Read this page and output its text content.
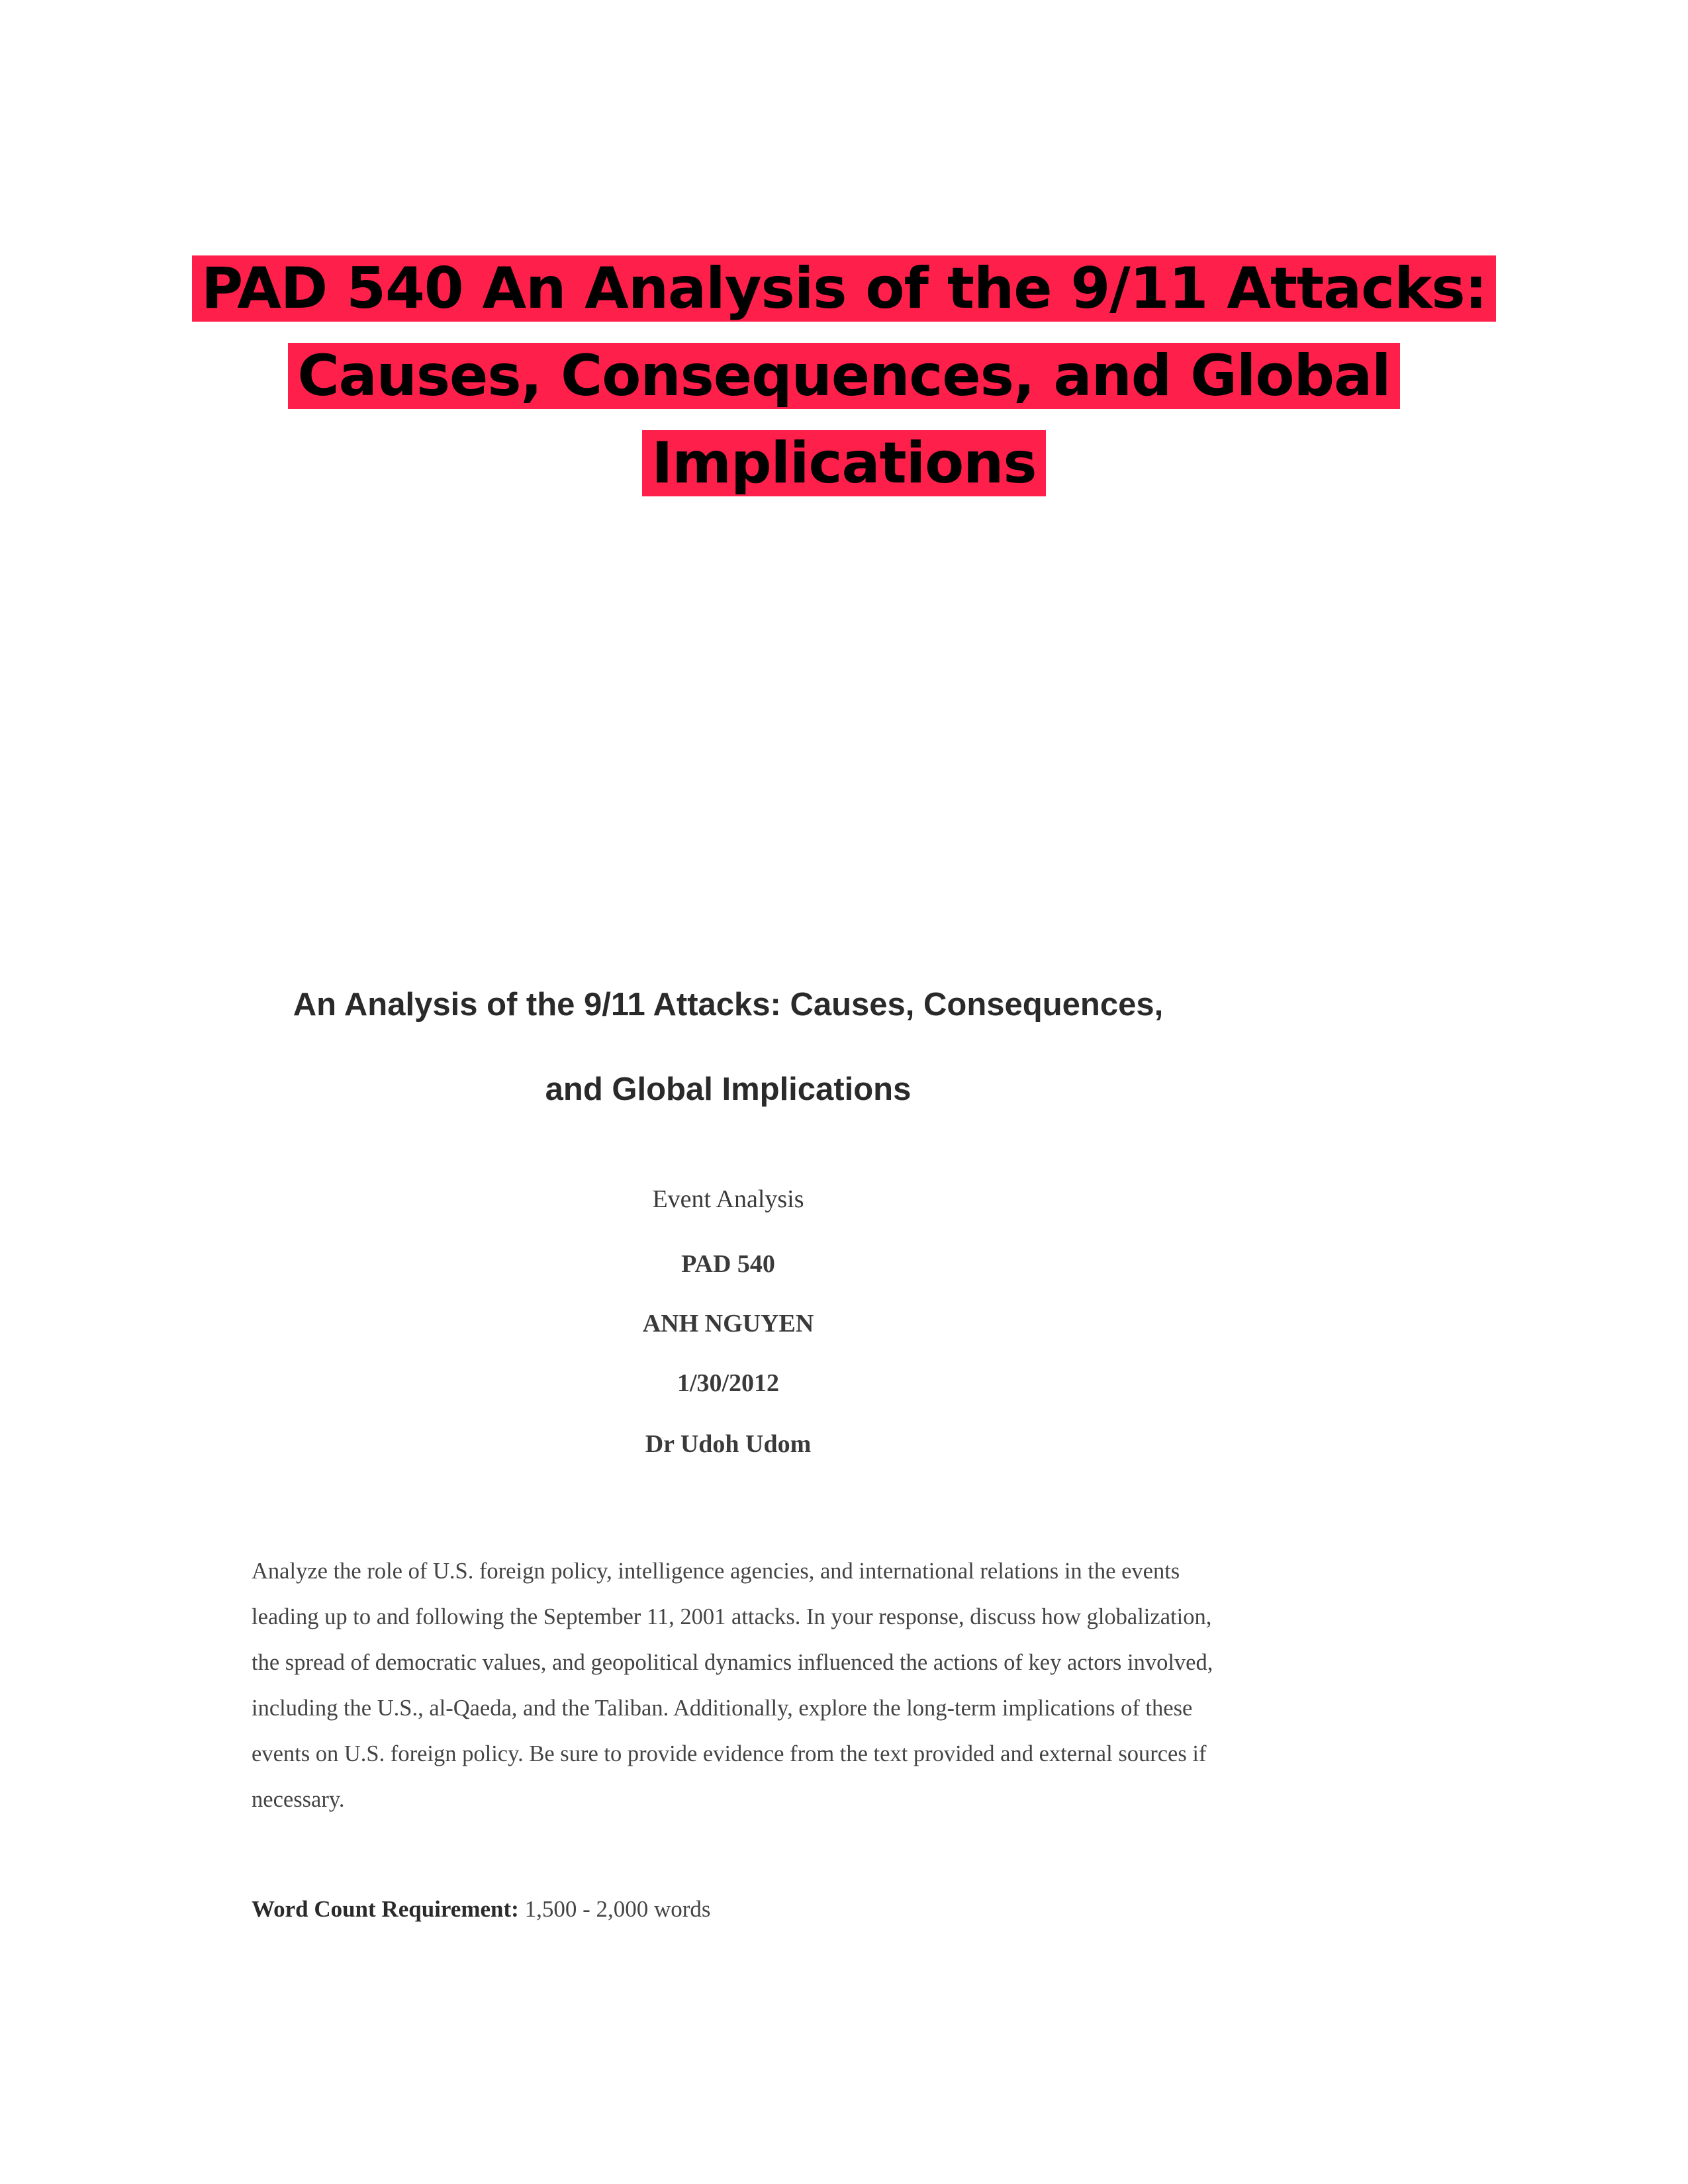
PAD 540 An Analysis of the 9/11 Attacks:
Causes, Consequences, and Global
Implications
An Analysis of the 9/11 Attacks: Causes, Consequences,
and Global Implications
Event Analysis
PAD 540
ANH NGUYEN
1/30/2012
Dr Udoh Udom

Analyze the role of U.S. foreign policy, intelligence agencies, and international relations in the events leading up to and following the September 11, 2001 attacks. In your response, discuss how globalization, the spread of democratic values, and geopolitical dynamics influenced the actions of key actors involved, including the U.S., al-Qaeda, and the Taliban. Additionally, explore the long-term implications of these events on U.S. foreign policy. Be sure to provide evidence from the text provided and external sources if necessary.

Word Count Requirement: 1,500 - 2,000 words
